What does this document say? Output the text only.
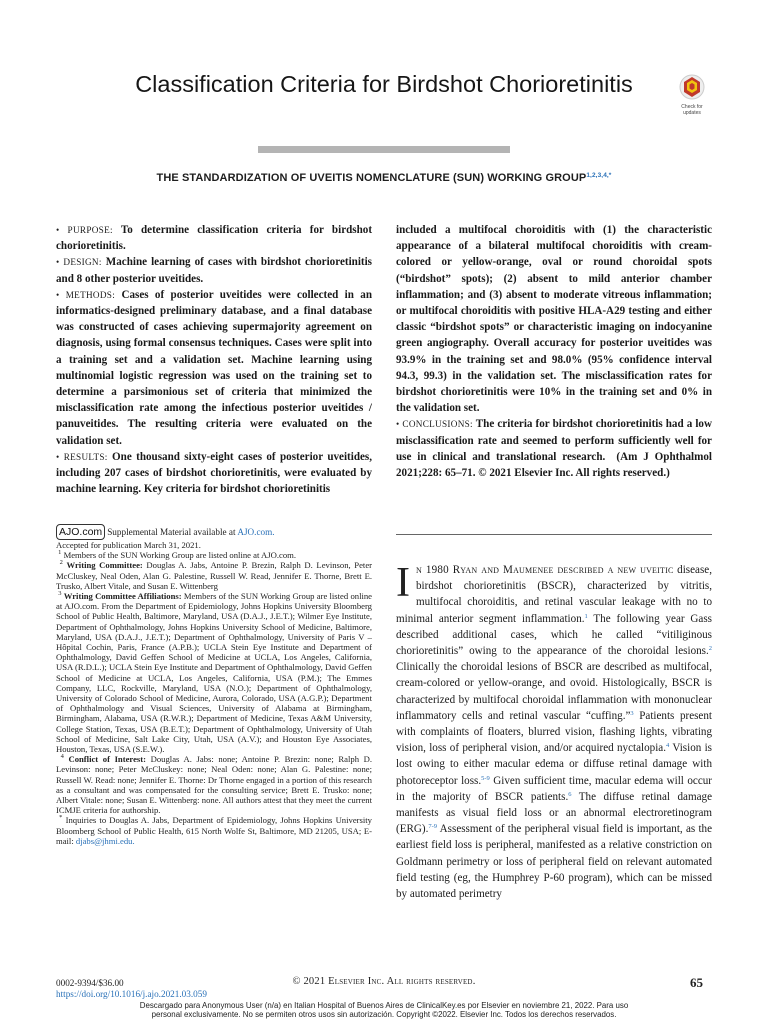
Classification Criteria for Birdshot Chorioretinitis
Check for updates
THE STANDARDIZATION OF UVEITIS NOMENCLATURE (SUN) WORKING $GROUP^{1,2,3,4,*}$

• PURPOSE: To determine classification criteria for birdshot chorioretinitis.

• DESIGN: Machine learning of cases with birdshot chorioretinitis and 8 other posterior uveitides.

• METHODS: Cases of posterior uveitides were collected in an informatics-designed preliminary database, and a final database was constructed of cases achieving supermajority agreement on diagnosis, using formal consensus techniques. Cases were split into a training set and a validation set. Machine learning using multinomial logistic regression was used on the training set to determine a parsimonious set of criteria that minimized the misclassification rate among the infectious posterior uveitides / panuveitides. The resulting criteria were evaluated on the validation set.

• RESULTS: One thousand sixty-eight cases of posterior uveitides, including 207 cases of birdshot chorioretinitis, were evaluated by machine learning. Key criteria for birdshot chorioretinitis

AJO.com Supplemental Material available at AJO.com.

Accepted for publication March 31, 2021.

$^1$ Members of the SUN Working Group are listed online at AJO.com.

$^2$ Writing Committee: Douglas A. Jabs, Antoine P. Brezin, Ralph D. Levinson, Peter McCluskey, Neal Oden, Alan G. Palestine, Russell W. Read, Jennifer E. Thorne, Brett E. Trusko, Albert Vitale, and Susan E. Wittenberg

$^3$ Writing Committee Affiliations: Members of the SUN Working Group are listed online at AJO.com. From the Department of Epidemiology, Johns Hopkins University Bloomberg School of Public Health, Baltimore, Maryland, USA (D.A.J., J.E.T.); Wilmer Eye Institute, Department of Ophthalmology, Johns Hopkins University School of Medicine, Baltimore, Maryland, USA (D.A.J., J.E.T.); Department of Ophthalmology, University of Paris V – Hôpital Cochin, Paris, France (A.P.B.); UCLA Stein Eye Institute and Department of Ophthalmology, David Geffen School of Medicine at UCLA, Los Angeles, California, USA (R.D.L.); UCLA Stein Eye Institute and Department of Ophthalmology, David Geffen School of Medicine at UCLA, Los Angeles, California, USA (P.M.); The Emmes Company, LLC, Rockville, Maryland, USA (N.O.); Department of Ophthalmology, University of Colorado School of Medicine, Aurora, Colorado, USA (A.G.P.); Department of Ophthalmology and Visual Sciences, University of Alabama at Birmingham, Birmingham, Alabama, USA (R.W.R.); Department of Medicine, Texas A&M University, College Station, Texas, USA (B.E.T.); Department of Ophthalmology, University of Utah School of Medicine, Salt Lake City, Utah, USA (A.V.); and Houston Eye Associates, Houston, Texas, USA (S.E.W.).

$^4$ Conflict of Interest: Douglas A. Jabs: none; Antoine P. Brezin: none; Ralph D. Levinson: none; Peter McCluskey: none; Neal Oden: none; Alan G. Palestine: none; Russell W. Read: none; Jennifer E. Thorne: Dr Thorne engaged in a portion of this research as a consultant and was compensated for the consulting service; Brett E. Trusko: none; Albert Vitale: none; Susan E. Wittenberg: none. All authors attest that they meet the current ICMJE criteria for authorship.

* Inquiries to Douglas A. Jabs, Department of Epidemiology, Johns Hopkins University Bloomberg School of Public Health, 615 North Wolfe St, Baltimore, MD 21205, USA; E-mail: djabs@jhmi.edu.

included a multifocal choroiditis with (1) the characteristic appearance of a bilateral multifocal choroiditis with cream-colored or yellow-orange, oval or round choroidal spots (“birdshot” spots); (2) absent to mild anterior chamber inflammation; and (3) absent to moderate vitreous inflammation; or multifocal choroiditis with positive HLA-A29 testing and either classic “birdshot spots” or characteristic imaging on indocyanine green angiography. Overall accuracy for posterior uveitides was 93.9% in the training set and 98.0% (95% confidence interval 94.3, 99.3) in the validation set. The misclassification rates for birdshot chorioretinitis were 10% in the training set and 0% in the validation set.

• CONCLUSIONS: The criteria for birdshot chorioretinitis had a low misclassification rate and seemed to perform sufficiently well for use in clinical and translational research. (Am J Ophthalmol 2021;228: 65–71. © 2021 Elsevier Inc. All rights reserved.)

In 1980 Ryan and Maumenee described a new uveitic disease, birdshot chorioretinitis (BSCR), characterized by vitritis, multifocal choroiditis, and retinal vascular leakage with no to minimal anterior segment inflammation.$^1$ The following year Gass described additional cases, which he called “vitiliginous chorioretinitis” owing to the appearance of the choroidal lesions.$^2$ Clinically the choroidal lesions of BSCR are described as multifocal, cream-colored or yellow-orange, and ovoid. Histologically, BSCR is characterized by multifocal choroidal inflammation with mononuclear inflammatory cells and retinal vascular “cuffing.”$^3$ Patients present with complaints of floaters, blurred vision, flashing lights, vibrating vision, loss of peripheral vision, and/or acquired nyctalopia.$^4$ Vision is lost owing to either macular edema or diffuse retinal damage with photoreceptor loss.$^{5-9}$ Given sufficient time, macular edema will occur in the majority of BSCR patients.$^6$ The diffuse retinal damage manifests as visual field loss or an abnormal electroretinogram (ERG).$^{7-9}$ Assessment of the peripheral visual field is important, as the earliest field loss is peripheral, manifested as a relative constriction on Goldmann perimetry or loss of peripheral field on relevant automated field testing (eg, the Humphrey P-60 program), which can be missed by automated perimetry

0002-9394/$36.00
https://doi.org/10.1016/j.ajo.2021.03.059
© 2021 Elsevier Inc. All rights reserved.	65
Descargado para Anonymous User (n/a) en Italian Hospital of Buenos Aires de ClinicalKey.es por Elsevier en noviembre 21, 2022. Para uso
personal exclusivamente. No se permiten otros usos sin autorización. Copyright ©2022. Elsevier Inc. Todos los derechos reservados.
